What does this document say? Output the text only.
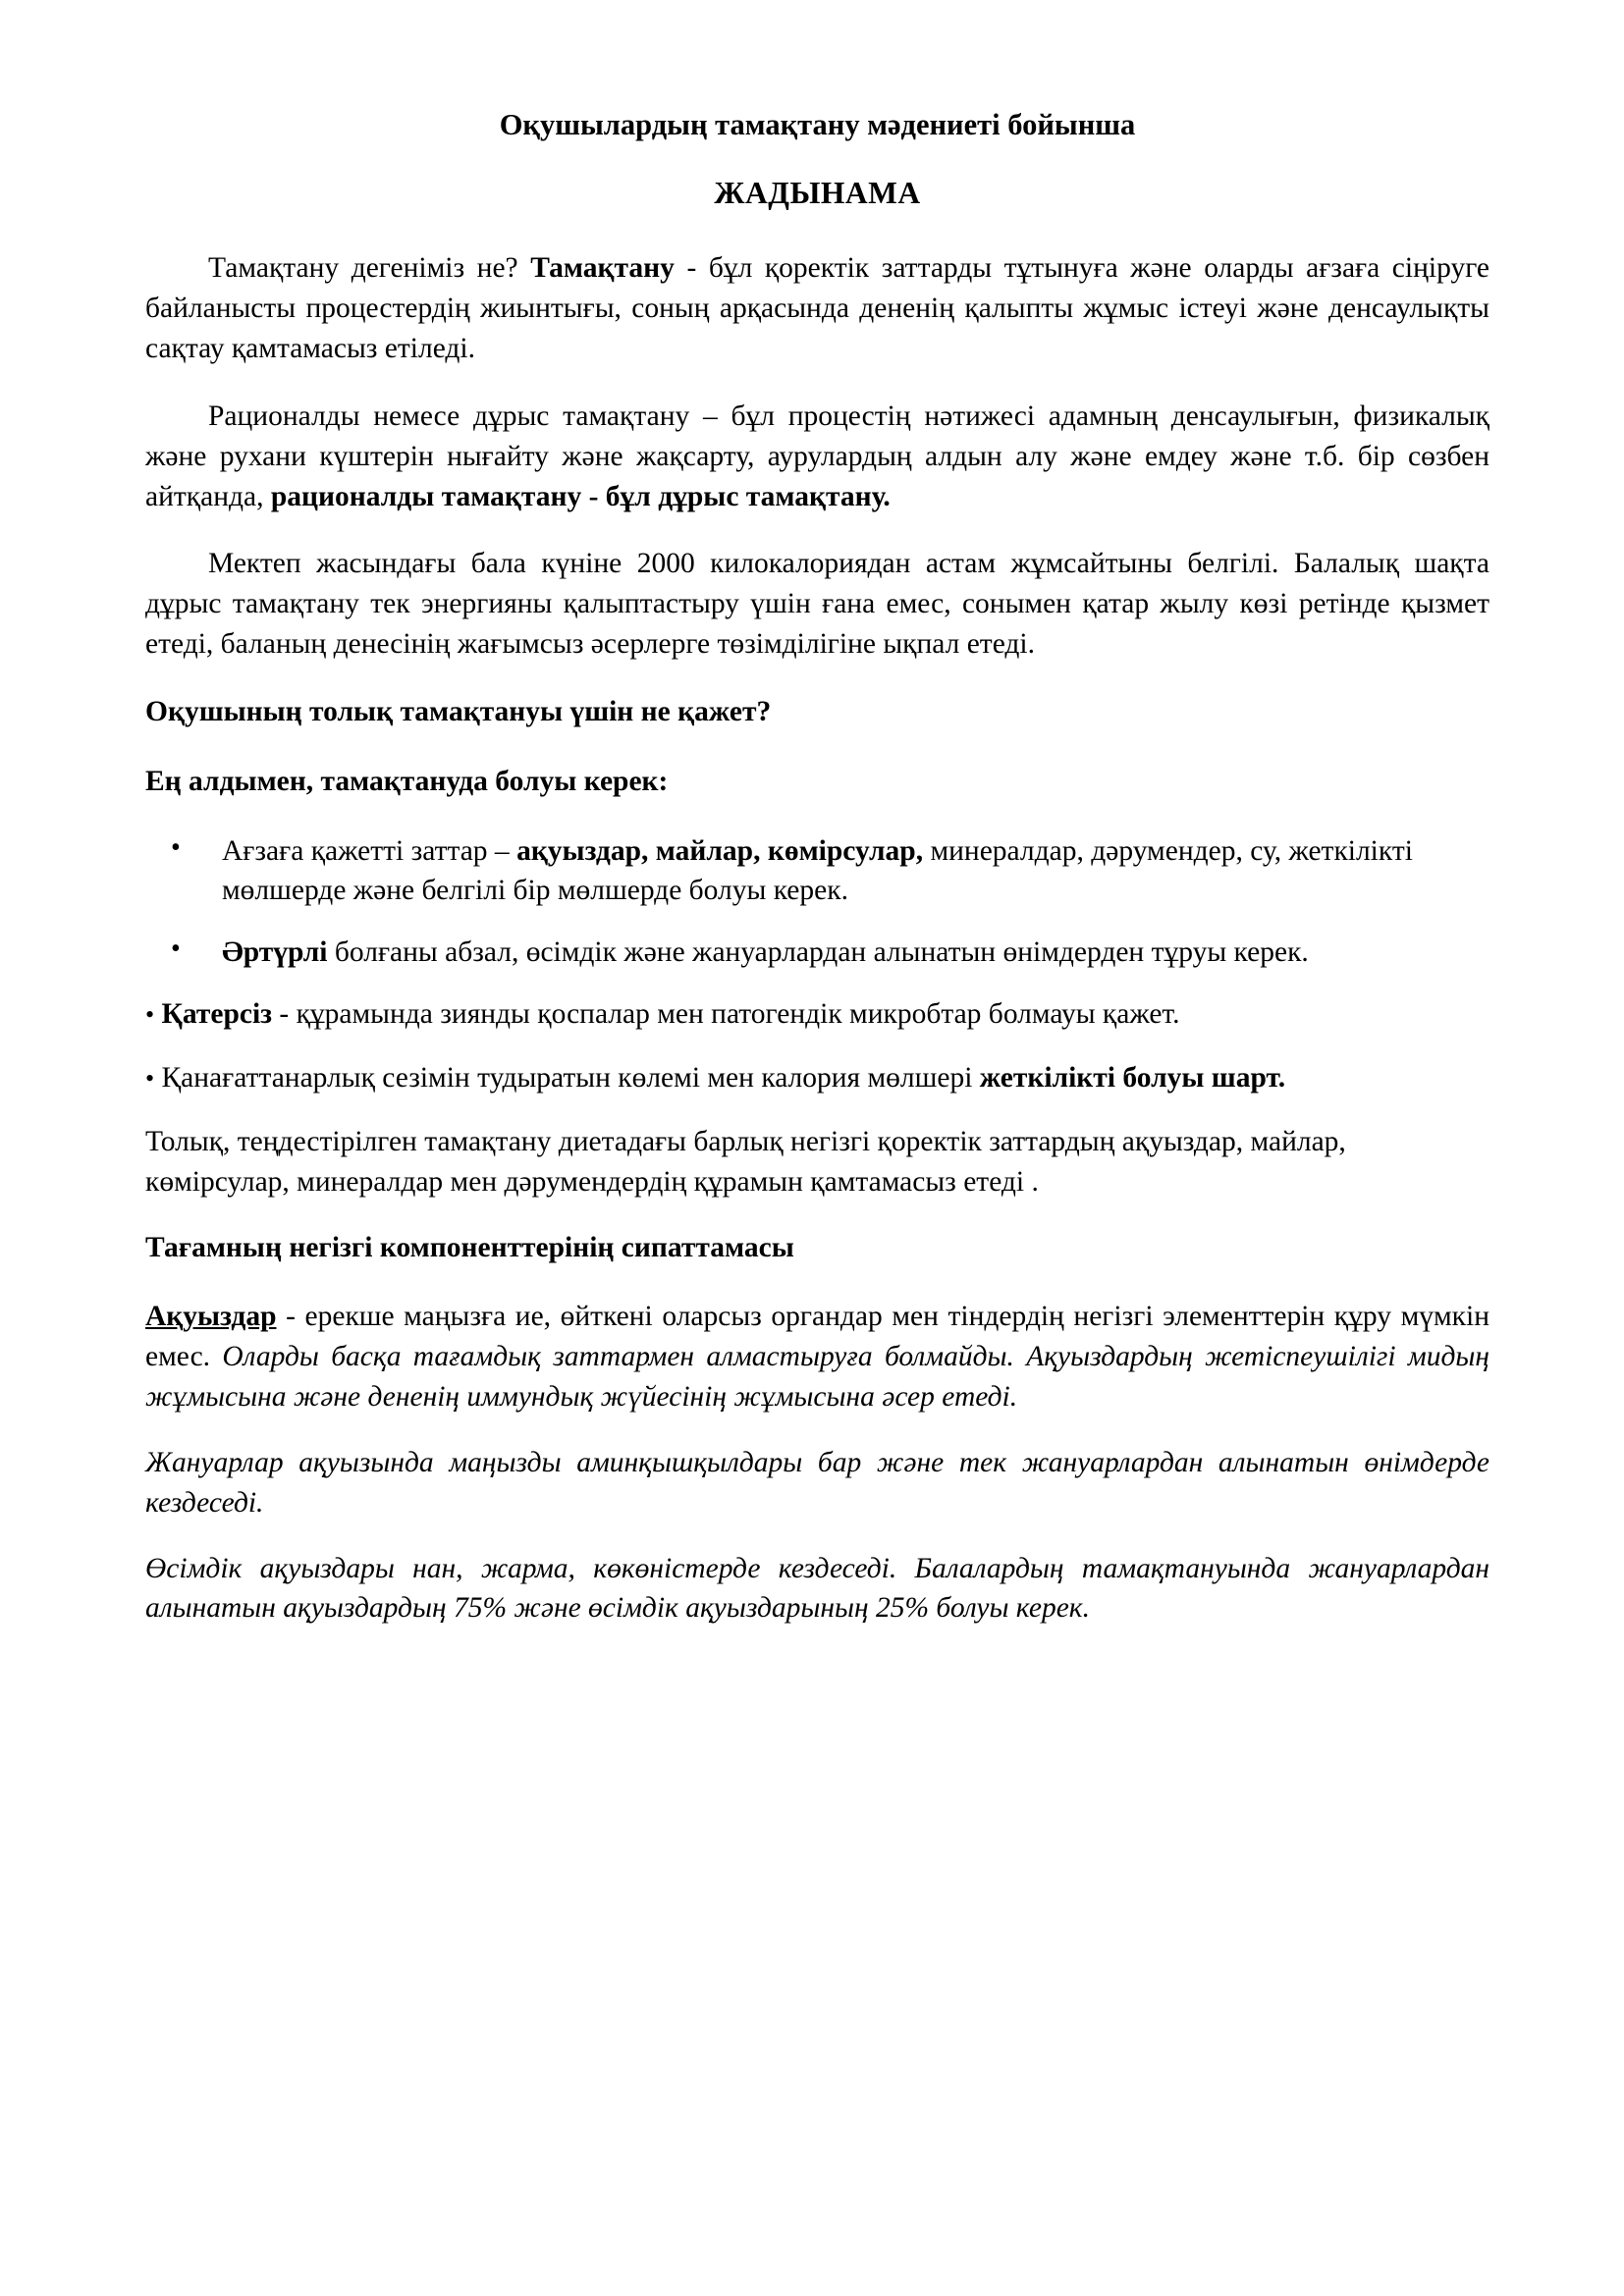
Оқушылардың тамақтану мәдениеті бойынша
ЖАДЫНАМА

Тамақтану дегеніміз не? Тамақтану - бұл қоректік заттарды тұтынуға және оларды ағзаға сіңіруге байланысты процестердің жиынтығы, соның арқасында дененің қалыпты жұмыс істеуі және денсаулықты сақтау қамтамасыз етіледі.

Рационалды немесе дұрыс тамақтану – бұл процестің нәтижесі адамның денсаулығын, физикалық және рухани күштерін нығайту және жақсарту, аурулардың алдын алу және емдеу және т.б. бір сөзбен айтқанда, рационалды тамақтану - бұл дұрыс тамақтану.

Мектеп жасындағы бала күніне 2000 килокалориядан астам жұмсайтыны белгілі. Балалық шақта дұрыс тамақтану тек энергияны қалыптастыру үшін ғана емес, сонымен қатар жылу көзі ретінде қызмет етеді, баланың денесінің жағымсыз әсерлерге төзімділігіне ықпал етеді.

Оқушының толық тамақтануы үшін не қажет?
Ең алдымен, тамақтануда болуы керек:
• Ағзаға қажетті заттар – ақуыздар, майлар, көмірсулар, минералдар, дәрумендер, су, жеткілікті мөлшерде және белгілі бір мөлшерде болуы керек.
• Әртүрлі болғаны абзал, өсімдік және жануарлардан алынатын өнімдерден тұруы керек.

• Қатерсіз - құрамында зиянды қоспалар мен патогендік микробтар болмауы қажет.

• Қанағаттанарлық сезімін тудыратын көлемі мен калория мөлшері жеткілікті болуы шарт.

Толық, теңдестірілген тамақтану диетадағы барлық негізгі қоректік заттардың ақуыздар, майлар, көмірсулар, минералдар мен дәрумендердің құрамын қамтамасыз етеді .

Тағамның негізгі компоненттерінің сипаттамасы

Ақуыздар - ерекше маңызға ие, өйткені оларсыз органдар мен тіндердің негізгі элементтерін құру мүмкін емес. Оларды басқа тағамдық заттармен алмастыруға болмайды. Ақуыздардың жетіспеушілігі мидың жұмысына және дененің иммундық жүйесінің жұмысына әсер етеді.

Жануарлар ақуызында маңызды аминқышқылдары бар және тек жануарлардан алынатын өнімдерде кездеседі.

Өсімдік ақуыздары нан, жарма, көкөністерде кездеседі. Балалардың тамақтануында жануарлардан алынатын ақуыздардың 75% және өсімдік ақуыздарының 25% болуы керек.
